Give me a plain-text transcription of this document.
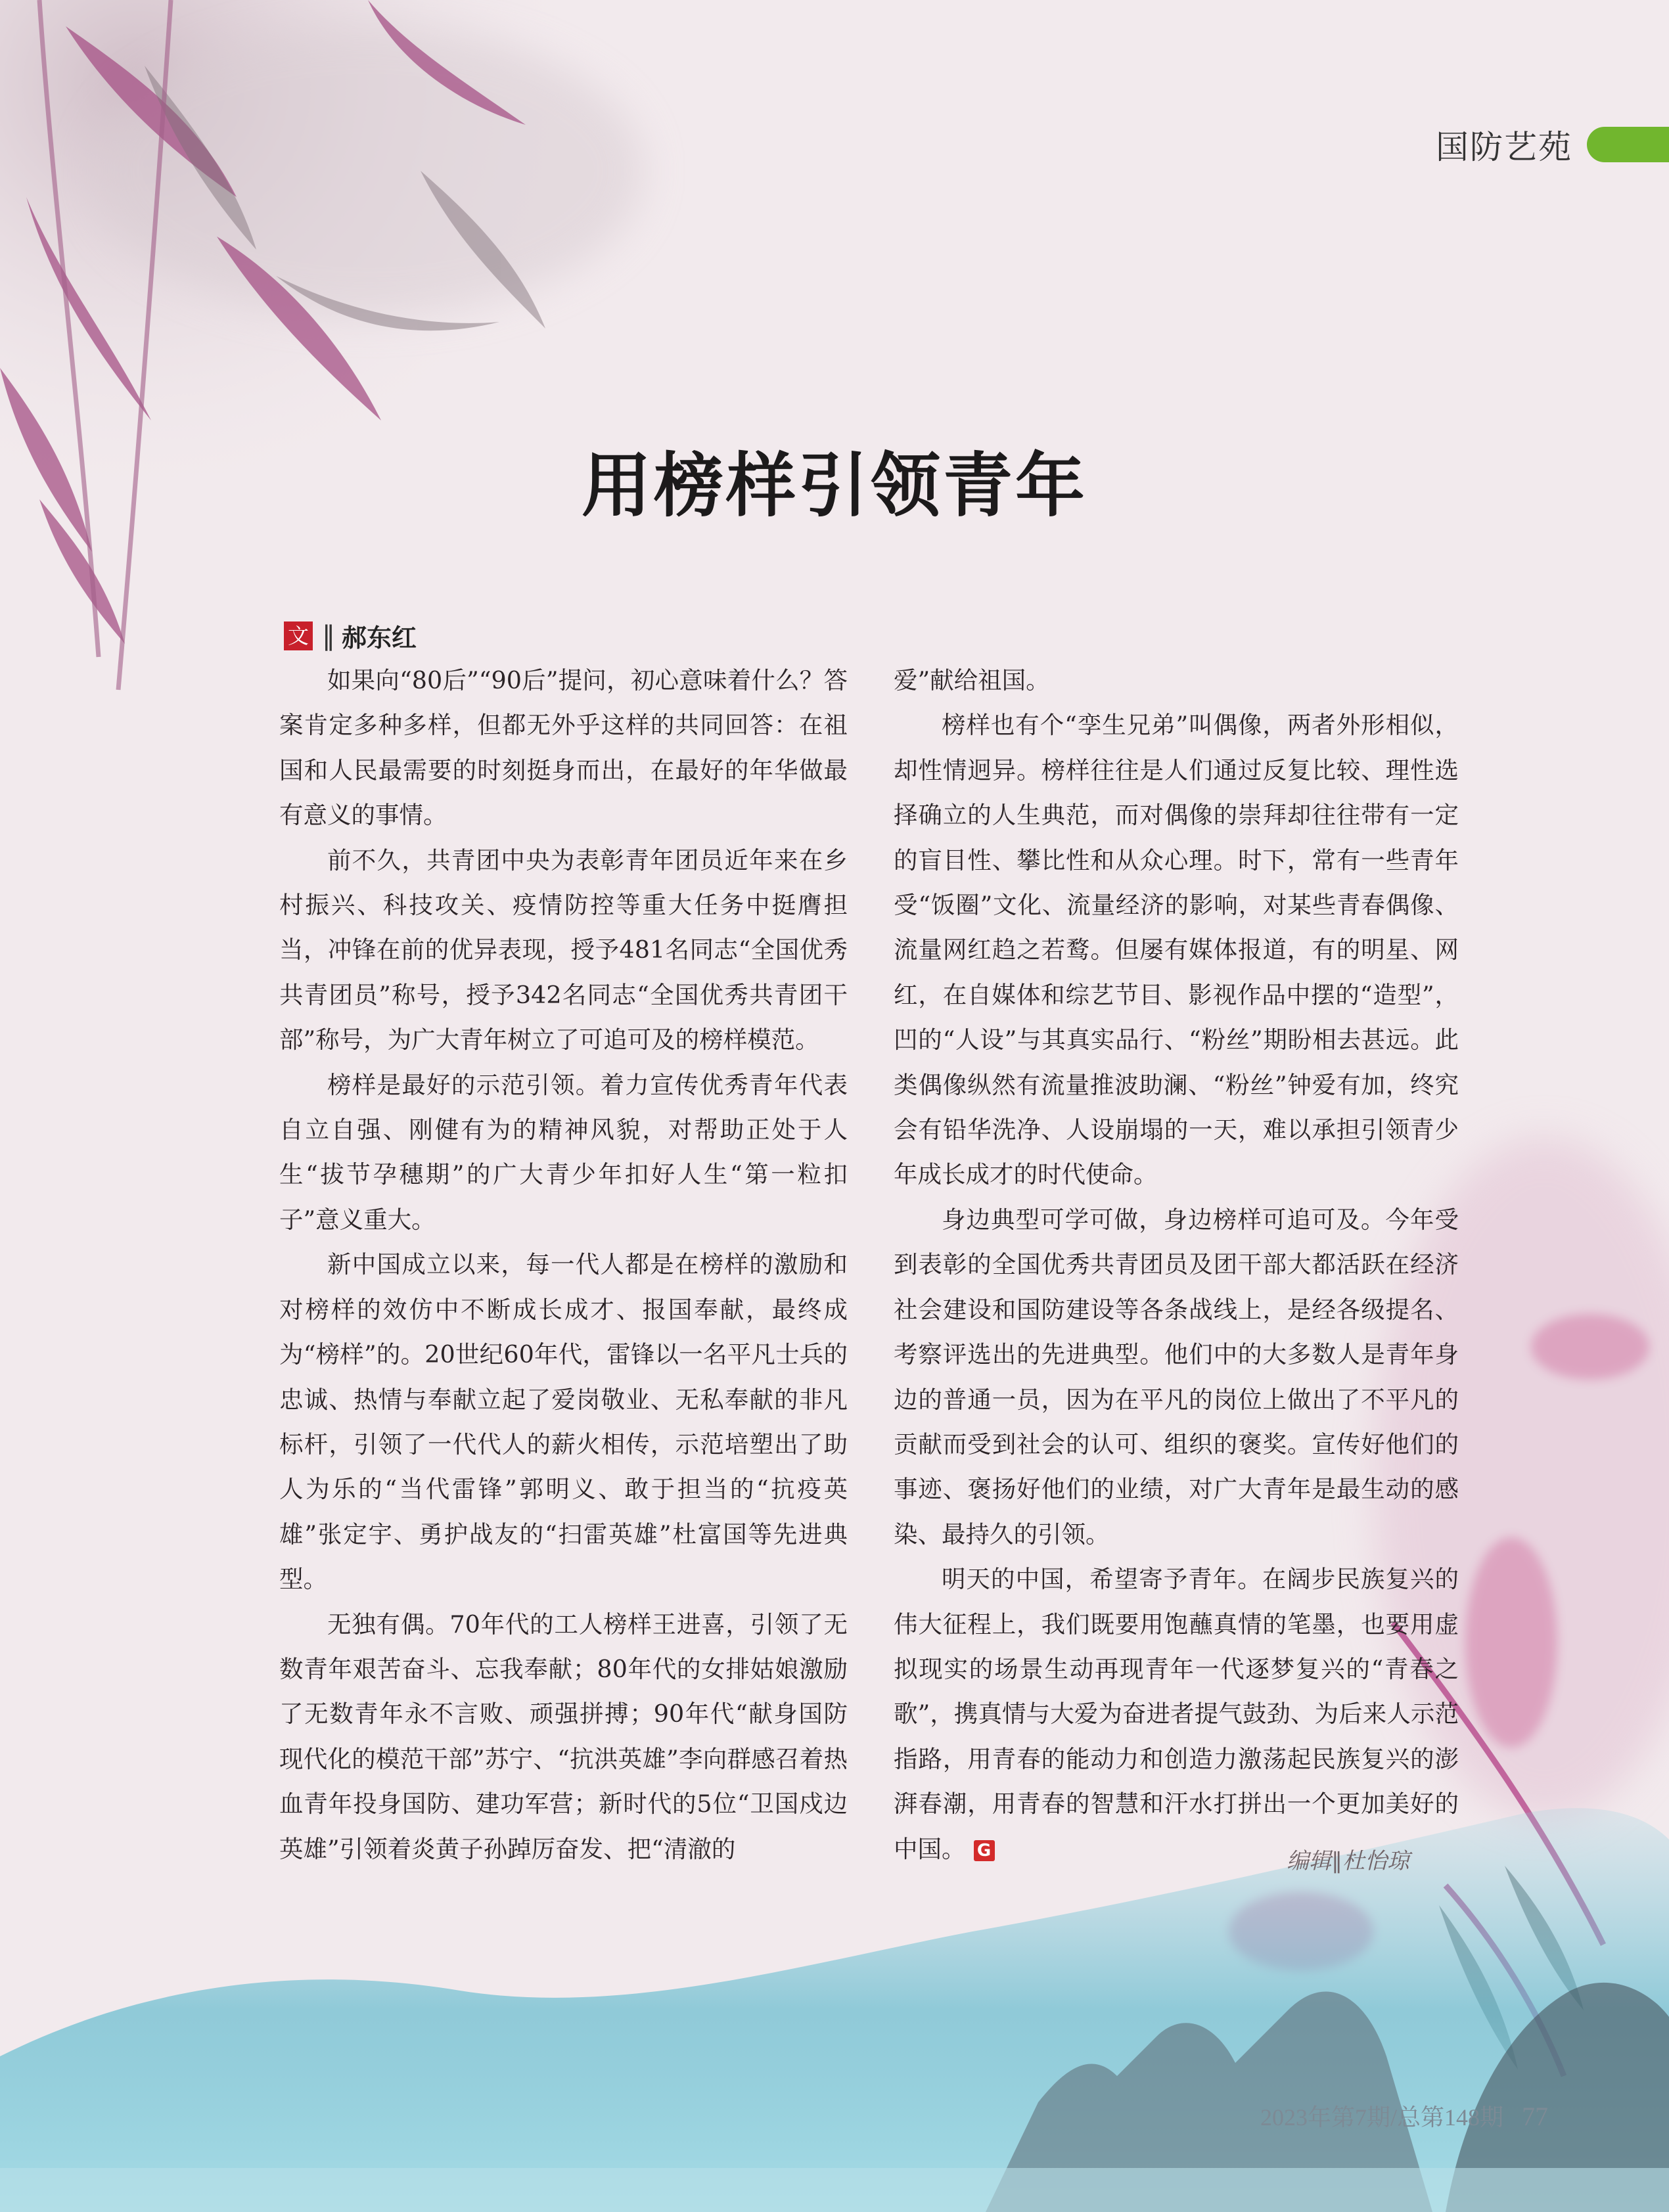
国防艺苑
用榜样引领青年
文 ‖ 郝东红

如果向“80后”“90后”提问，初心意味着什么？答案肯定多种多样，但都无外乎这样的共同回答：在祖国和人民最需要的时刻挺身而出，在最好的年华做最有意义的事情。

前不久，共青团中央为表彰青年团员近年来在乡村振兴、科技攻关、疫情防控等重大任务中挺膺担当，冲锋在前的优异表现，授予481名同志“全国优秀共青团员”称号，授予342名同志“全国优秀共青团干部”称号，为广大青年树立了可追可及的榜样模范。

榜样是最好的示范引领。着力宣传优秀青年代表自立自强、刚健有为的精神风貌，对帮助正处于人生“拔节孕穗期”的广大青少年扣好人生“第一粒扣子”意义重大。

新中国成立以来，每一代人都是在榜样的激励和对榜样的效仿中不断成长成才、报国奉献，最终成为“榜样”的。20世纪60年代，雷锋以一名平凡士兵的忠诚、热情与奉献立起了爱岗敬业、无私奉献的非凡标杆，引领了一代代人的薪火相传，示范培塑出了助人为乐的“当代雷锋”郭明义、敢于担当的“抗疫英雄”张定宇、勇护战友的“扫雷英雄”杜富国等先进典型。

无独有偶。70年代的工人榜样王进喜，引领了无数青年艰苦奋斗、忘我奉献；80年代的女排姑娘激励了无数青年永不言败、顽强拼搏；90年代“献身国防现代化的模范干部”苏宁、“抗洪英雄”李向群感召着热血青年投身国防、建功军营；新时代的5位“卫国戍边英雄”引领着炎黄子孙踔厉奋发、把“清澈的

爱”献给祖国。

榜样也有个“孪生兄弟”叫偶像，两者外形相似，却性情迥异。榜样往往是人们通过反复比较、理性选择确立的人生典范，而对偶像的崇拜却往往带有一定的盲目性、攀比性和从众心理。时下，常有一些青年受“饭圈”文化、流量经济的影响，对某些青春偶像、流量网红趋之若鹜。但屡有媒体报道，有的明星、网红，在自媒体和综艺节目、影视作品中摆的“造型”，凹的“人设”与其真实品行、“粉丝”期盼相去甚远。此类偶像纵然有流量推波助澜、“粉丝”钟爱有加，终究会有铅华洗净、人设崩塌的一天，难以承担引领青少年成长成才的时代使命。

身边典型可学可做，身边榜样可追可及。今年受到表彰的全国优秀共青团员及团干部大都活跃在经济社会建设和国防建设等各条战线上，是经各级提名、考察评选出的先进典型。他们中的大多数人是青年身边的普通一员，因为在平凡的岗位上做出了不平凡的贡献而受到社会的认可、组织的褒奖。宣传好他们的事迹、褒扬好他们的业绩，对广大青年是最生动的感染、最持久的引领。

明天的中国，希望寄予青年。在阔步民族复兴的伟大征程上，我们既要用饱蘸真情的笔墨，也要用虚拟现实的场景生动再现青年一代逐梦复兴的“青春之歌”，携真情与大爱为奋进者提气鼓劲、为后来人示范指路，用青春的能动力和创造力激荡起民族复兴的澎湃春潮，用青春的智慧和汗水打拼出一个更加美好的中国。 G	编辑∥杜怡琼
2023年第7期/总第148期 77
